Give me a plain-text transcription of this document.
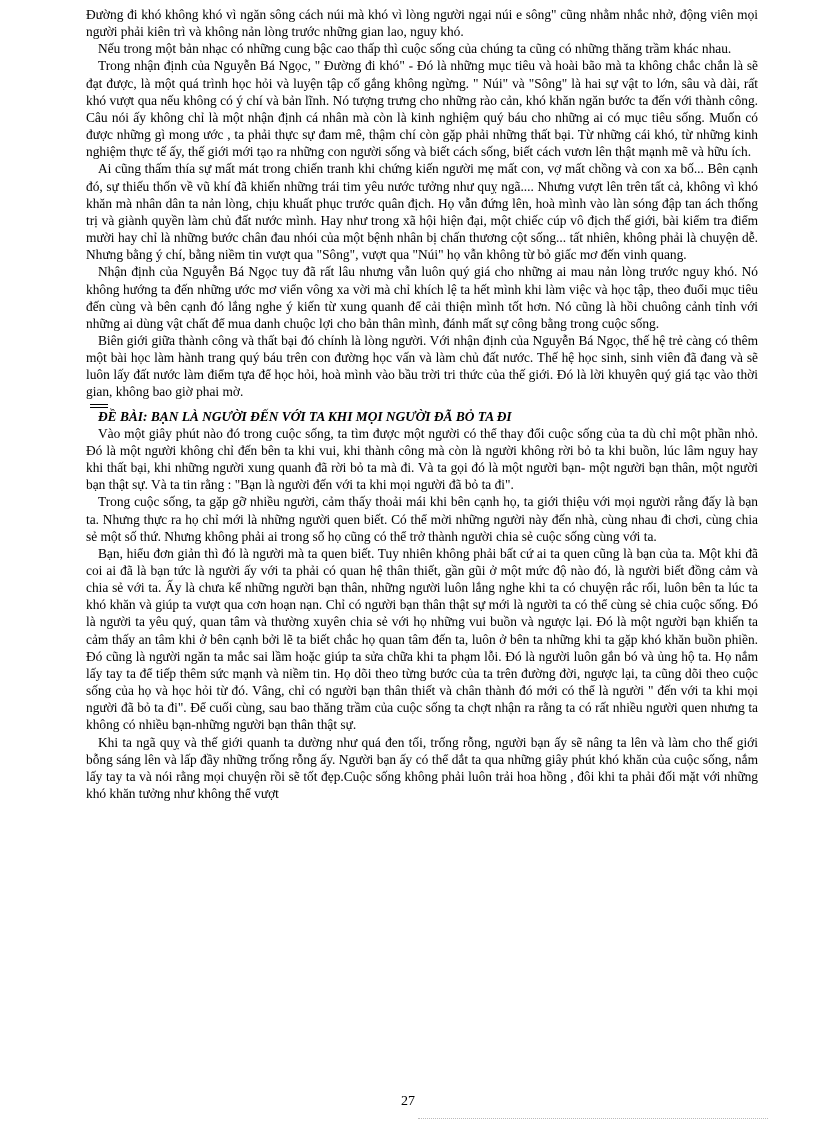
Đường đi khó không khó vì ngăn sông cách núi mà khó vì lòng người ngại núi e sông" cũng nhằm nhắc nhở, động viên mọi người phải kiên trì và không nản lòng trước những gian lao, nguy khó.

Nếu trong một bản nhạc có những cung bậc cao thấp thì cuộc sống của chúng ta cũng có những thăng trầm khác nhau.

Trong nhận định của Nguyễn Bá Ngọc, " Đường đi khó" - Đó là những mục tiêu và hoài bão mà ta không chắc chắn là sẽ đạt được, là một quá trình học hỏi và luyện tập cố gắng không ngừng. " Núi" và "Sông" là hai sự vật to lớn, sâu và dài, rất khó vượt qua nếu không có ý chí và bản lĩnh. Nó tượng trưng cho những rào cản, khó khăn ngăn bước ta đến với thành công. Câu nói ấy không chỉ là một nhận định cá nhân mà còn là kinh nghiệm quý báu cho những ai có mục tiêu sống. Muốn có được những gì mong ước , ta phải thực sự đam mê, thậm chí còn gặp phải những thất bại. Từ những cái khó, từ những kinh nghiệm thực tế ấy, thế giới mới tạo ra những con người sống và biết cách sống, biết cách vươn lên thật mạnh mẽ và hữu ích.

Ai cũng thấm thía sự mất mát trong chiến tranh khi chứng kiến người mẹ mất con, vợ mất chồng và con xa bố... Bên cạnh đó, sự thiếu thốn về vũ khí đã khiến những trái tim yêu nước tưởng như quỵ ngã.... Nhưng vượt lên trên tất cả, không vì khó khăn mà nhân dân ta nản lòng, chịu khuất phục trước quân địch. Họ vẫn đứng lên, hoà mình vào làn sóng đập tan ách thống trị và giành quyền làm chủ đất nước mình. Hay như trong xã hội hiện đại, một chiếc cúp vô địch thế giới, bài kiểm tra điểm mười hay chỉ là những bước chân đau nhói của một bệnh nhân bị chấn thương cột sống... tất nhiên, không phải là chuyện dễ. Nhưng bằng ý chí, bằng niềm tin vượt qua "Sông", vượt qua "Núi" họ vẫn không từ bỏ giấc mơ đến vinh quang.

Nhận định của Nguyễn Bá Ngọc tuy đã rất lâu nhưng vẫn luôn quý giá cho những ai mau nản lòng trước nguy khó. Nó không hướng ta đến những ước mơ viển vông xa vời mà chỉ khích lệ ta hết mình khi làm việc và học tập, theo đuổi mục tiêu đến cùng và bên cạnh đó lắng nghe ý kiến từ xung quanh để cải thiện mình tốt hơn. Nó cũng là hồi chuông cảnh tỉnh với những ai dùng vật chất để mua danh chuộc lợi cho bản thân mình, đánh mất sự công bằng trong cuộc sống.

Biên giới giữa thành công và thất bại đó chính là lòng người. Với nhận định của Nguyễn Bá Ngọc, thế hệ trẻ càng có thêm một bài học làm hành trang quý báu trên con đường học vấn và làm chủ đất nước. Thế hệ học sinh, sinh viên đã đang và sẽ luôn lấy đất nước làm điểm tựa để học hỏi, hoà mình vào bầu trời tri thức của thế giới. Đó là lời khuyên quý giá tạc vào thời gian, không bao giờ phai mờ.

ĐỀ BÀI: BẠN LÀ NGƯỜI ĐẾN VỚI TA KHI MỌI NGƯỜI ĐÃ BỎ TA ĐI

Vào một giây phút nào đó trong cuộc sống, ta tìm được một người có thể thay đổi cuộc sống của ta dù chỉ một phần nhỏ. Đó là một người không chỉ đến bên ta khi vui, khi thành công mà còn là người không rời bỏ ta khi buồn, lúc lâm nguy hay khi thất bại, khi những người xung quanh đã rời bỏ ta mà đi. Và ta gọi đó là một người bạn- một người bạn thân, một người bạn thật sự. Và ta tin rằng : "Bạn là người đến với ta khi mọi người đã bỏ ta đi".

Trong cuộc sống, ta gặp gỡ nhiều người, cảm thấy thoải mái khi bên cạnh họ, ta giới thiệu với mọi người rằng đấy là bạn ta. Nhưng thực ra họ chỉ mới là những người quen biết. Có thể mời những người này đến nhà, cùng nhau đi chơi, cùng chia sẻ một số thứ. Nhưng không phải ai trong số họ cũng có thể trở thành người chia sẻ cuộc sống cùng với ta.

Bạn, hiểu đơn giản thì đó là người mà ta quen biết. Tuy nhiên không phải bất cứ ai ta quen cũng là bạn của ta. Một khi đã coi ai đã là bạn tức là người ấy với ta phải có quan hệ thân thiết, gần gũi ở một mức độ nào đó, là người biết đồng cảm và chia sẻ với ta. Ấy là chưa kể những người bạn thân, những người luôn lắng nghe khi ta có chuyện rắc rối, luôn bên ta lúc ta khó khăn và giúp ta vượt qua cơn hoạn nạn. Chỉ có người bạn thân thật sự mới là người ta có thể cùng sẻ chia cuộc sống. Đó là người ta yêu quý, quan tâm và thường xuyên chia sẻ với họ những vui buồn và ngược lại. Đó là một người bạn khiến ta cảm thấy an tâm khi ở bên cạnh bởi lẽ ta biết chắc họ quan tâm đến ta, luôn ở bên ta những khi ta gặp khó khăn buồn phiền. Đó cũng là người ngăn ta mắc sai lầm hoặc giúp ta sửa chữa khi ta phạm lỗi. Đó là người luôn gắn bó và ủng hộ ta. Họ nắm lấy tay ta để tiếp thêm sức mạnh và niềm tin. Họ dõi theo từng bước của ta trên đường đời, ngược lại, ta cũng dõi theo cuộc sống của họ và học hỏi từ đó. Vâng, chỉ có người bạn thân thiết và chân thành đó mới có thể là người " đến với ta khi mọi người đã bỏ ta đi". Để cuối cùng, sau bao thăng trầm của cuộc sống ta chợt nhận ra rằng ta có rất nhiều người quen nhưng ta không có nhiều bạn-những người bạn thân thật sự.

Khi ta ngã quỵ và thế giới quanh ta dường như quá đen tối, trống rỗng, người bạn ấy sẽ nâng ta lên và làm cho thế giới bỗng sáng lên và lấp đầy những trống rỗng ấy. Người bạn ấy có thể dắt ta qua những giây phút khó khăn của cuộc sống, nắm lấy tay ta và nói rằng mọi chuyện rồi sẽ tốt đẹp.Cuộc sống không phải luôn trải hoa hồng , đôi khi ta phải đối mặt với những khó khăn tưởng như không thể vượt

27
